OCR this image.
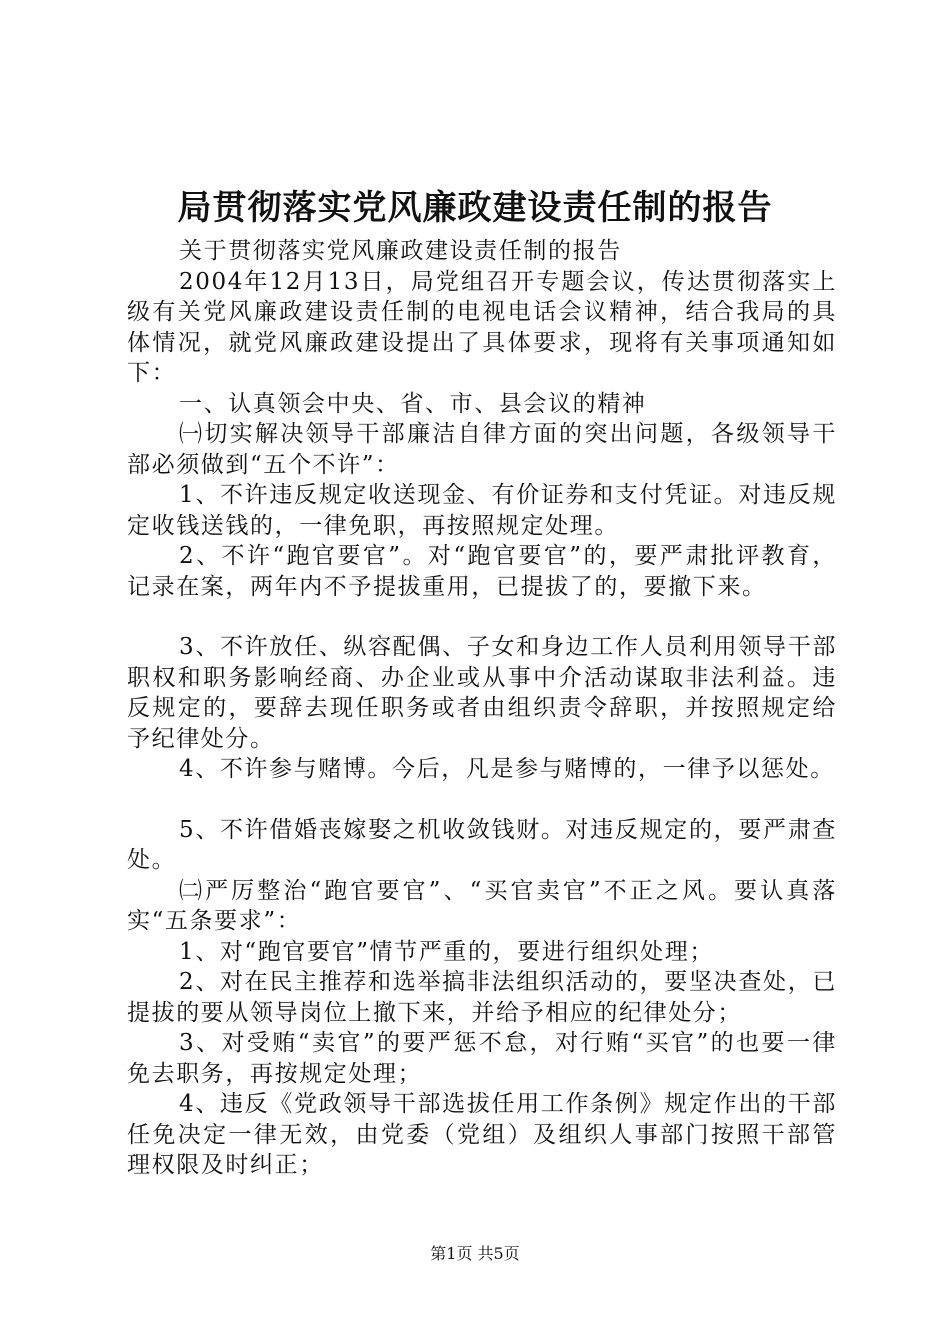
局贯彻落实党风廉政建设责任制的报告

关于贯彻落实党风廉政建设责任制的报告

2004年12月13日，局党组召开专题会议，传达贯彻落实上级有关党风廉政建设责任制的电视电话会议精神，结合我局的具体情况，就党风廉政建设提出了具体要求，现将有关事项通知如下：

一、认真领会中央、省、市、县会议的精神

㈠切实解决领导干部廉洁自律方面的突出问题，各级领导干部必须做到“五个不许”：

1、不许违反规定收送现金、有价证券和支付凭证。对违反规定收钱送钱的，一律免职，再按照规定处理。

2、不许“跑官要官”。对“跑官要官”的，要严肃批评教育，记录在案，两年内不予提拔重用，已提拔了的，要撤下来。

3、不许放任、纵容配偶、子女和身边工作人员利用领导干部职权和职务影响经商、办企业或从事中介活动谋取非法利益。违反规定的，要辞去现任职务或者由组织责令辞职，并按照规定给予纪律处分。

4、不许参与赌博。今后，凡是参与赌博的，一律予以惩处。

5、不许借婚丧嫁娶之机收敛钱财。对违反规定的，要严肃查处。

㈡严厉整治“跑官要官”、“买官卖官”不正之风。要认真落实“五条要求”：

1、对“跑官要官”情节严重的，要进行组织处理；

2、对在民主推荐和选举搞非法组织活动的，要坚决查处，已提拔的要从领导岗位上撤下来，并给予相应的纪律处分；

3、对受贿“卖官”的要严惩不怠，对行贿“买官”的也要一律免去职务，再按规定处理；

4、违反《党政领导干部选拔任用工作条例》规定作出的干部任免决定一律无效，由党委（党组）及组织人事部门按照干部管理权限及时纠正；

第1页 共5页
